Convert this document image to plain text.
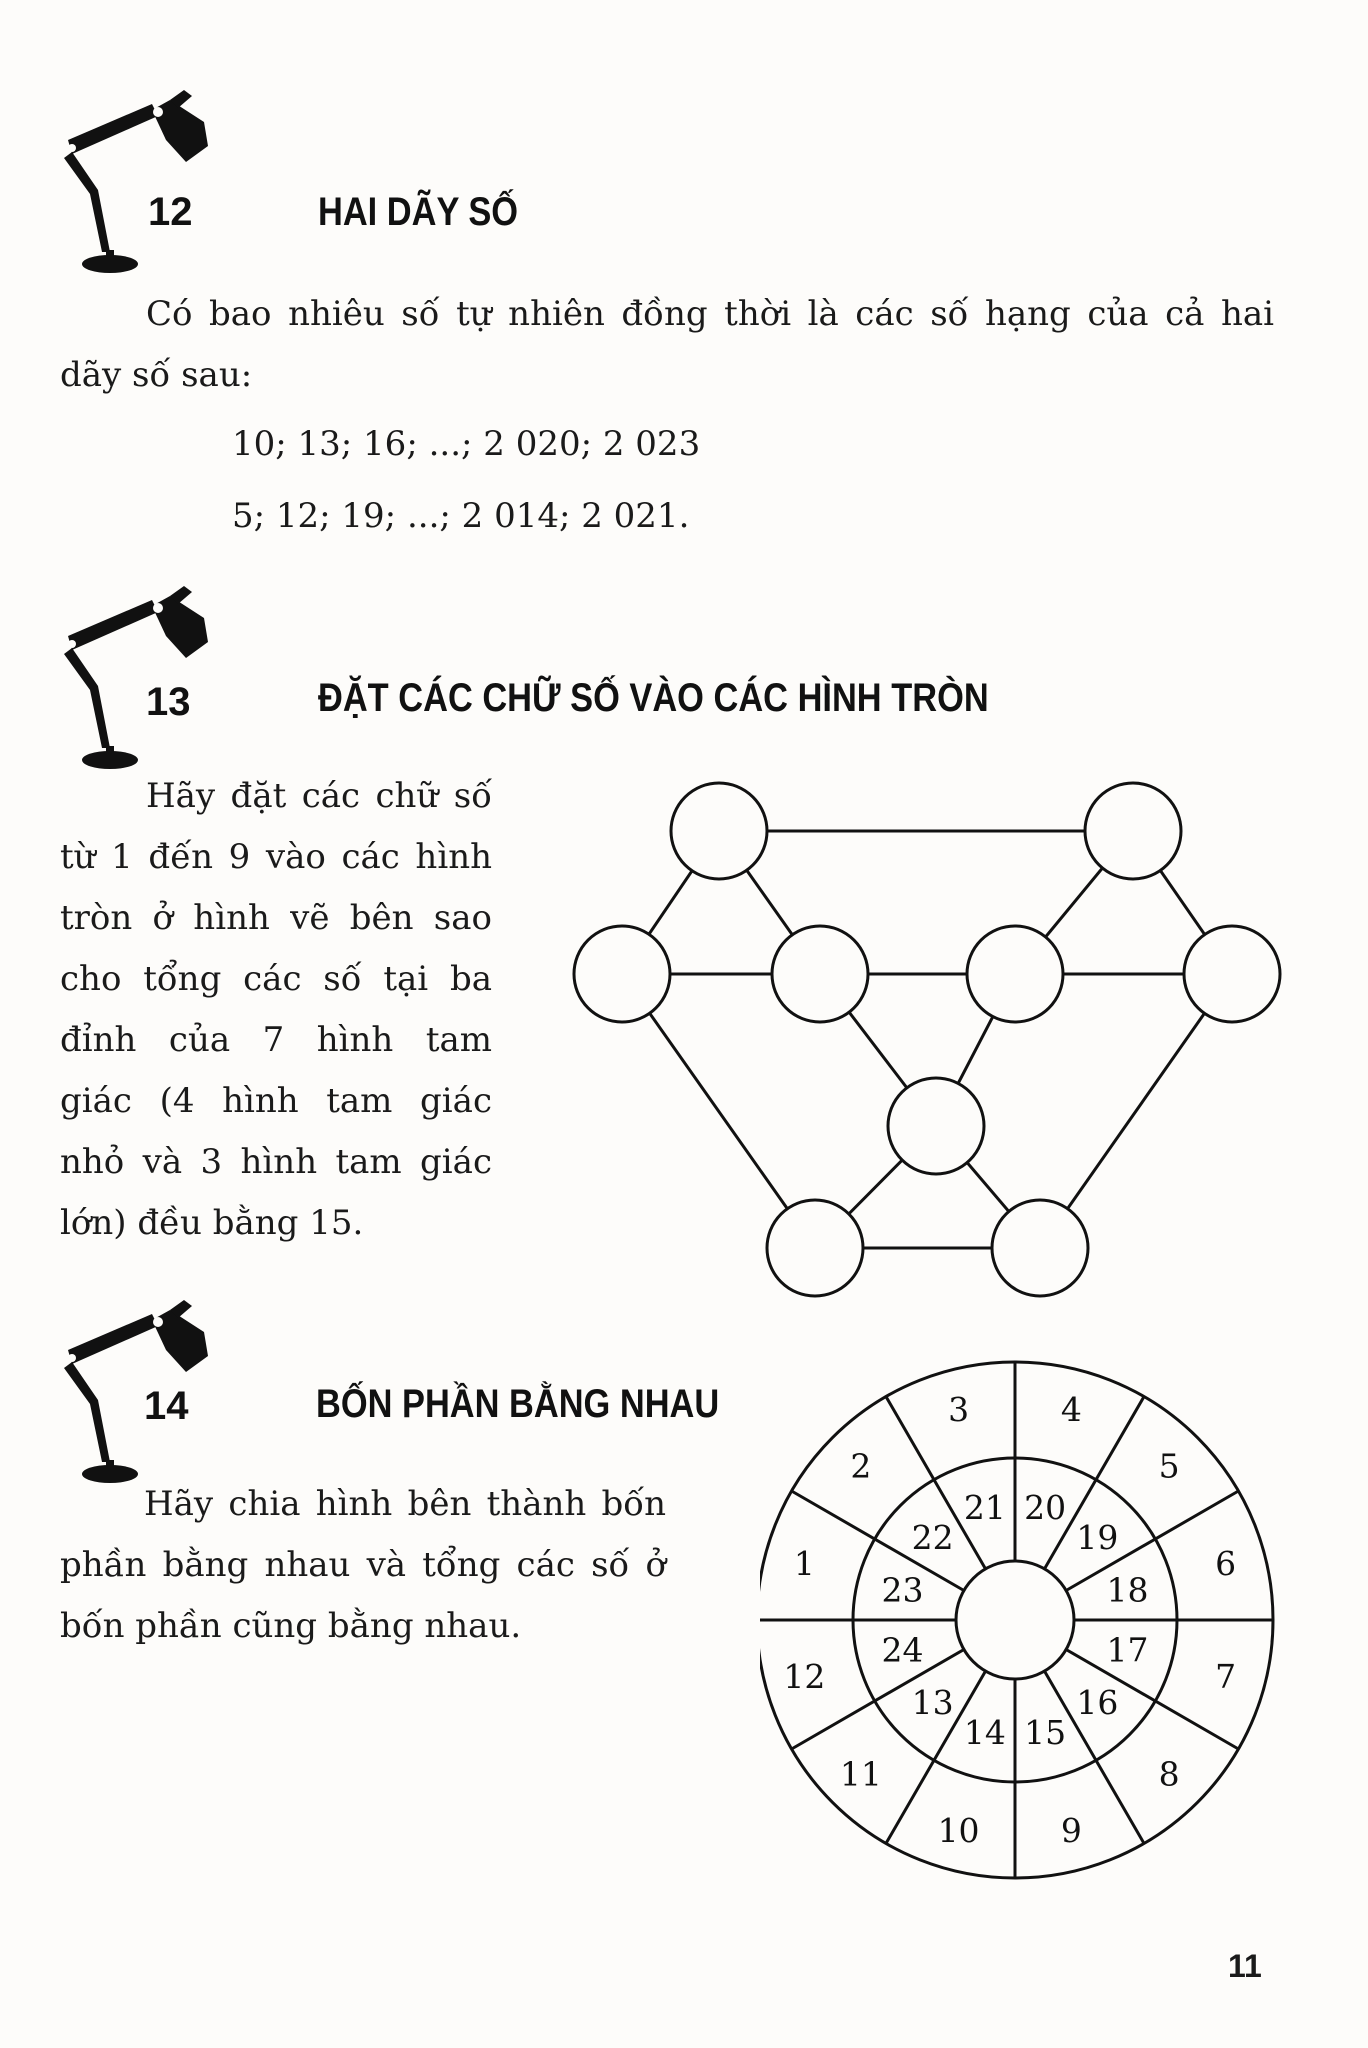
12	HAI DÃY SỐ
Có bao nhiêu số tự nhiên đồng thời là các số hạng của cả hai
dãy số sau:
10; 13; 16; ...; 2 020; 2 023
5; 12; 19; ...; 2 014; 2 021.
13	ĐẶT CÁC CHỮ SỐ VÀO CÁC HÌNH TRÒN
Hãy đặt các chữ số
từ 1 đến 9 vào các hình
tròn ở hình vẽ bên sao
cho tổng các số tại ba
đỉnh của 7 hình tam
giác (4 hình tam giác
nhỏ và 3 hình tam giác
lớn) đều bằng 15.
14	BỐN PHẦN BẰNG NHAU
Hãy chia hình bên thành bốn
phần bằng nhau và tổng các số ở
bốn phần cũng bằng nhau.
4
5
6
7
8
9
10
11
12
1
2
3
20
19
18
17
16
15
14
13
24
23
22
21
11
